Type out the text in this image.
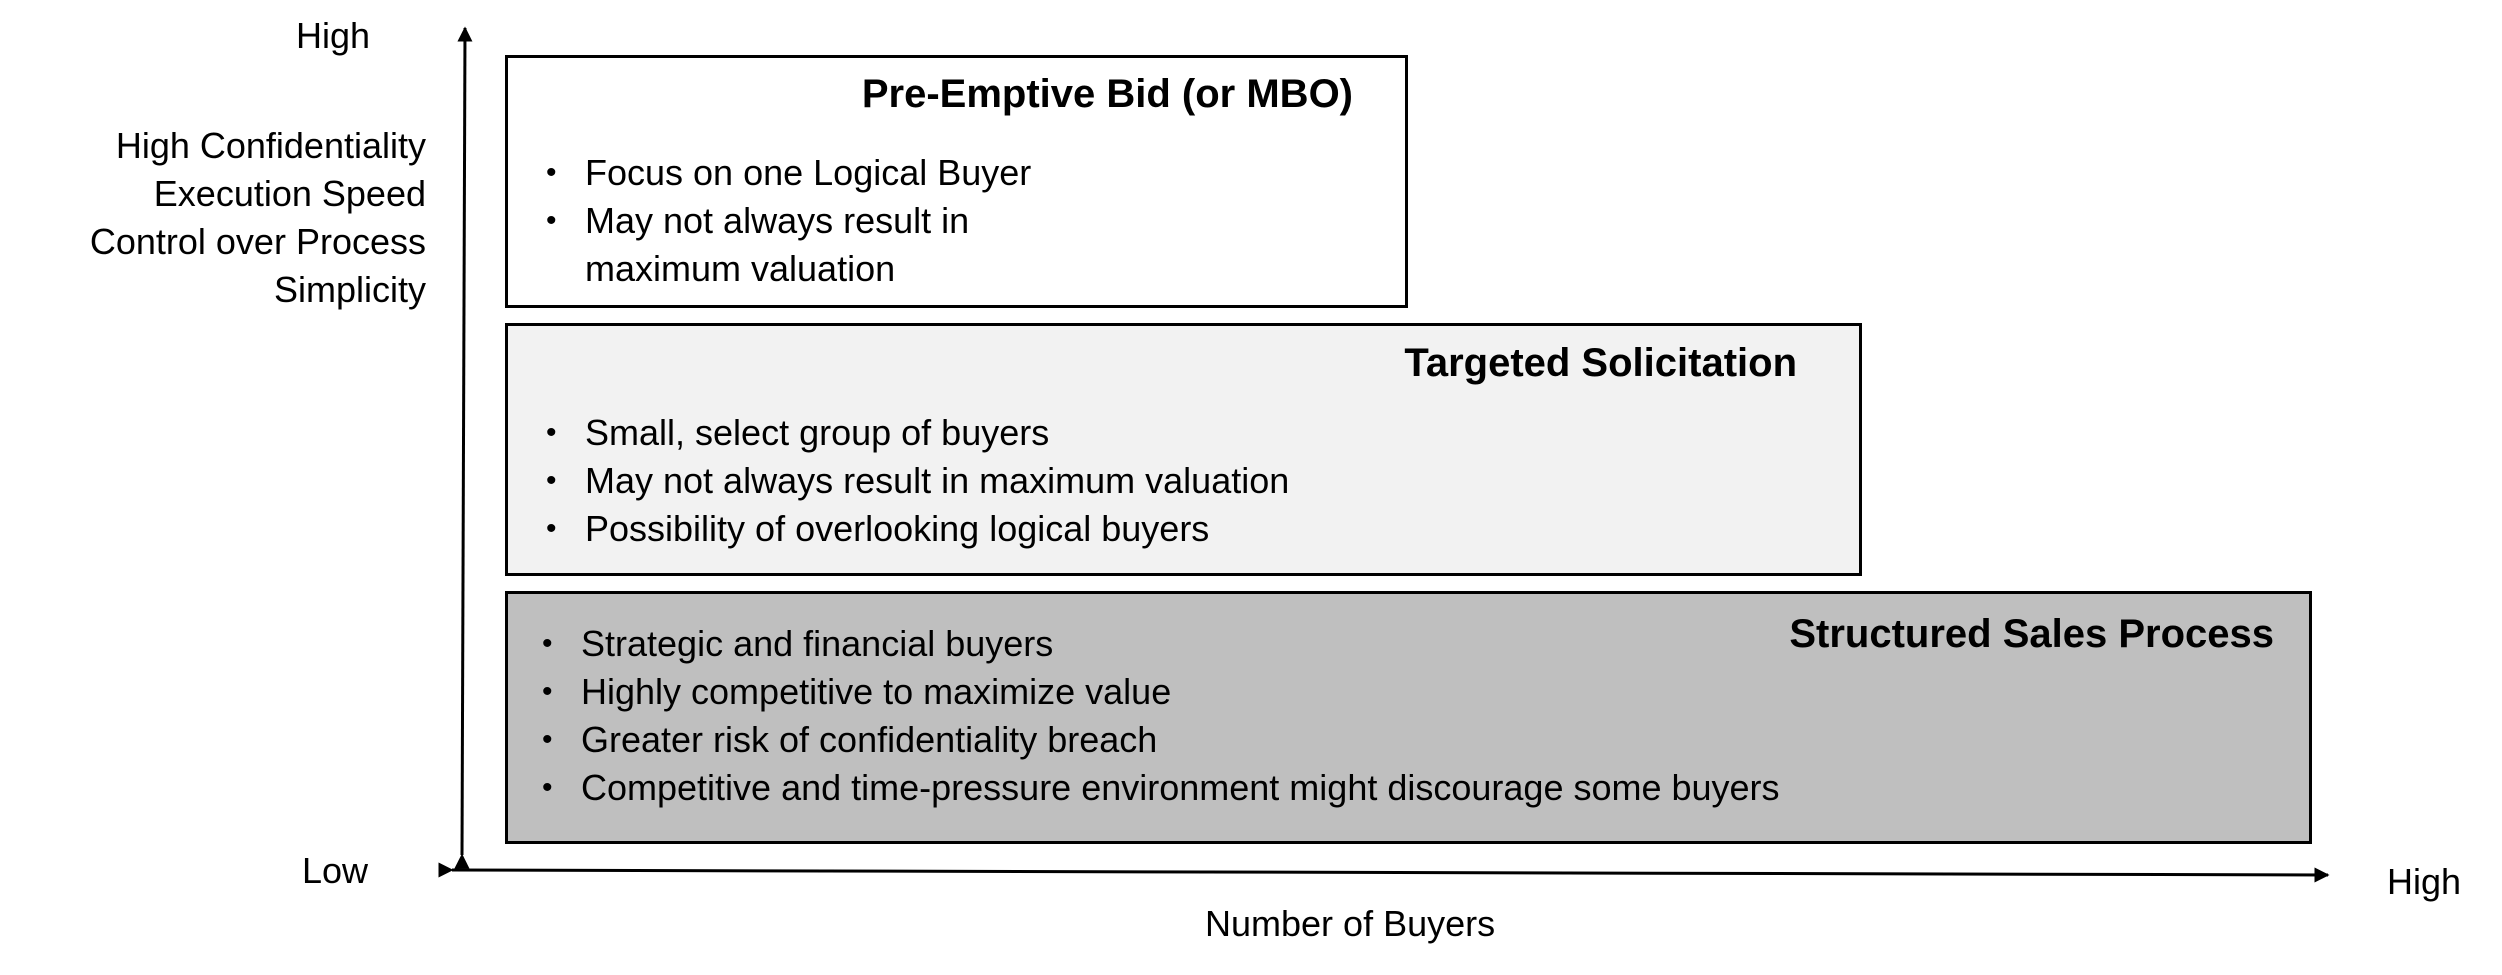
High
High Confidentiality
Execution Speed
Control over Process
Simplicity
Low
Number of Buyers
High
Pre-Emptive Bid (or MBO)
• Focus on one Logical Buyer
• May not always result in
maximum valuation
Targeted Solicitation
• Small, select group of buyers
• May not always result in maximum valuation
• Possibility of overlooking logical buyers
Structured Sales Process
• Strategic and financial buyers
• Highly competitive to maximize value
• Greater risk of confidentiality breach
• Competitive and time-pressure environment might discourage some buyers
